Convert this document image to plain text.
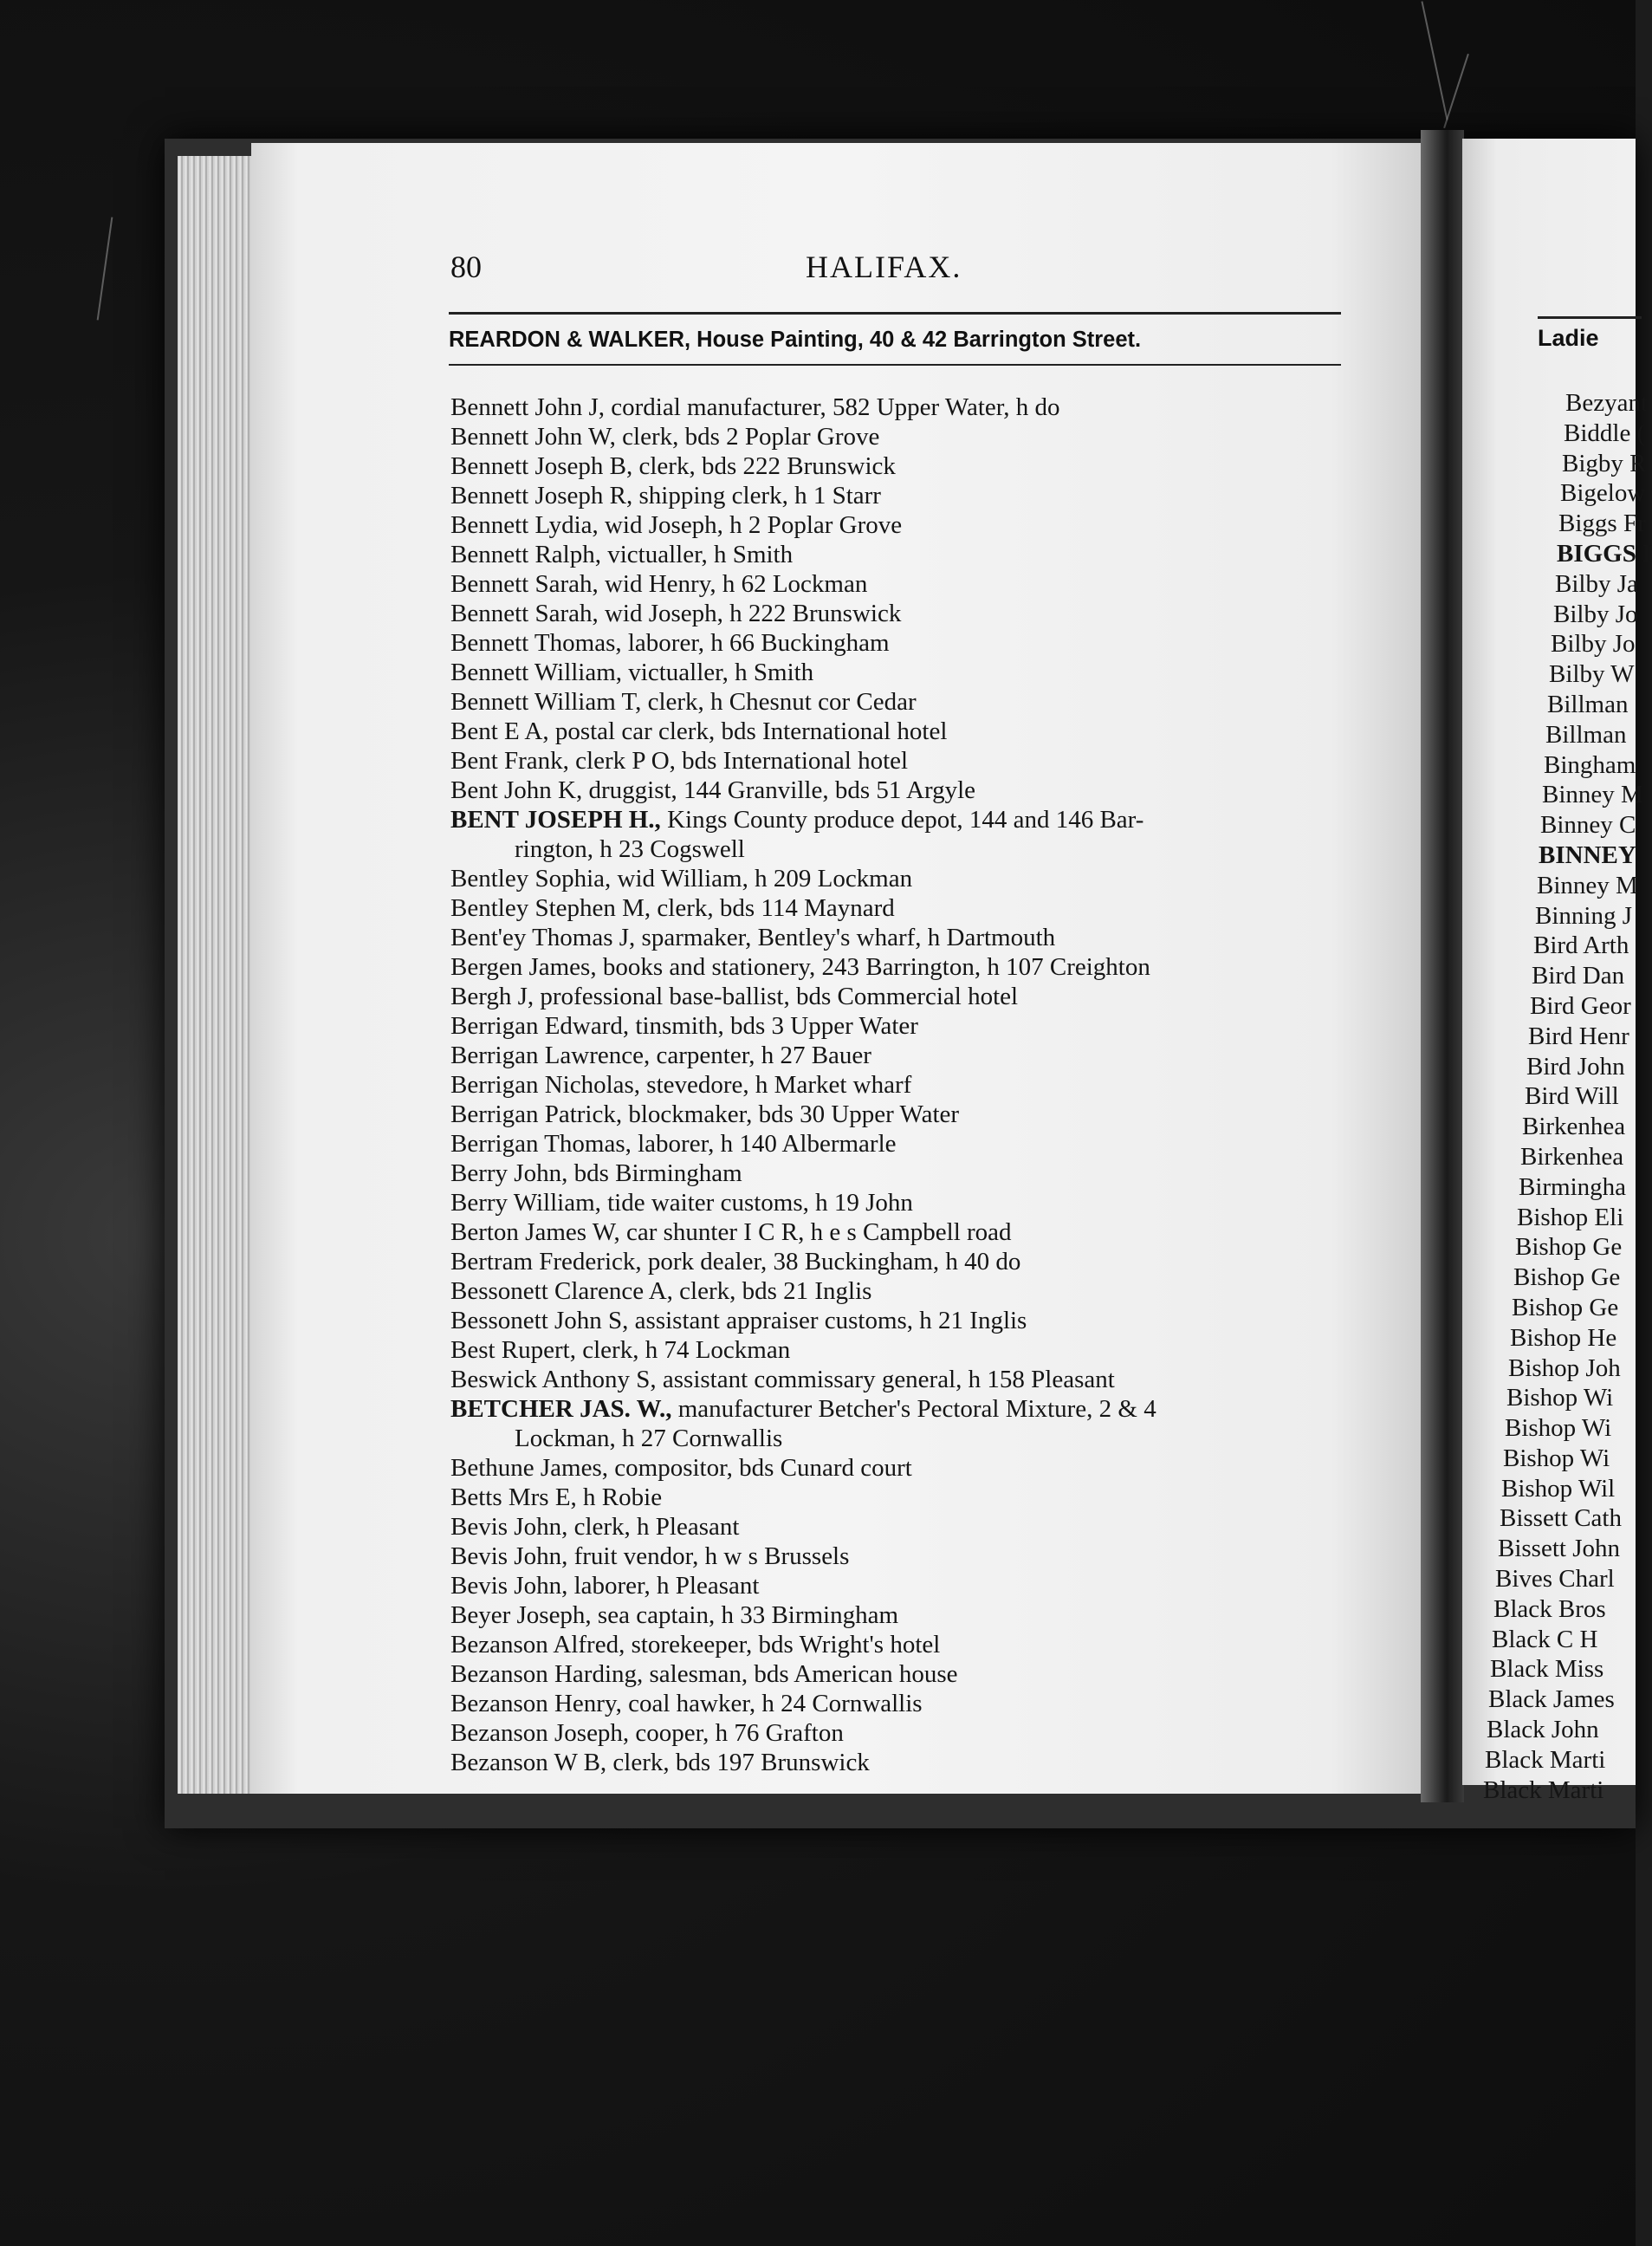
80	HALIFAX.
REARDON & WALKER, House Painting, 40 & 42 Barrington Street.
Bennett John J, cordial manufacturer, 582 Upper Water, h do
Bennett John W, clerk, bds 2 Poplar Grove
Bennett Joseph B, clerk, bds 222 Brunswick
Bennett Joseph R, shipping clerk, h 1 Starr
Bennett Lydia, wid Joseph, h 2 Poplar Grove
Bennett Ralph, victualler, h Smith
Bennett Sarah, wid Henry, h 62 Lockman
Bennett Sarah, wid Joseph, h 222 Brunswick
Bennett Thomas, laborer, h 66 Buckingham
Bennett William, victualler, h Smith
Bennett William T, clerk, h Chesnut cor Cedar
Bent E A, postal car clerk, bds International hotel
Bent Frank, clerk P O, bds International hotel
Bent John K, druggist, 144 Granville, bds 51 Argyle
BENT JOSEPH H., Kings County produce depot, 144 and 146 Bar-
rington, h 23 Cogswell
Bentley Sophia, wid William, h 209 Lockman
Bentley Stephen M, clerk, bds 114 Maynard
Bent'ey Thomas J, sparmaker, Bentley's wharf, h Dartmouth
Bergen James, books and stationery, 243 Barrington, h 107 Creighton
Bergh J, professional base-ballist, bds Commercial hotel
Berrigan Edward, tinsmith, bds 3 Upper Water
Berrigan Lawrence, carpenter, h 27 Bauer
Berrigan Nicholas, stevedore, h Market wharf
Berrigan Patrick, blockmaker, bds 30 Upper Water
Berrigan Thomas, laborer, h 140 Albermarle
Berry John, bds Birmingham
Berry William, tide waiter customs, h 19 John
Berton James W, car shunter I C R, h e s Campbell road
Bertram Frederick, pork dealer, 38 Buckingham, h 40 do
Bessonett Clarence A, clerk, bds 21 Inglis
Bessonett John S, assistant appraiser customs, h 21 Inglis
Best Rupert, clerk, h 74 Lockman
Beswick Anthony S, assistant commissary general, h 158 Pleasant
BETCHER JAS. W., manufacturer Betcher's Pectoral Mixture, 2 & 4
Lockman, h 27 Cornwallis
Bethune James, compositor, bds Cunard court
Betts Mrs E, h Robie
Bevis John, clerk, h Pleasant
Bevis John, fruit vendor, h w s Brussels
Bevis John, laborer, h Pleasant
Beyer Joseph, sea captain, h 33 Birmingham
Bezanson Alfred, storekeeper, bds Wright's hotel
Bezanson Harding, salesman, bds American house
Bezanson Henry, coal hawker, h 24 Cornwallis
Bezanson Joseph, cooper, h 76 Grafton
Bezanson W B, clerk, bds 197 Brunswick
Ladie
Bezyant
Biddle (
Bigby R
Bigelow
Biggs Fr
BIGGS I
Bilby Ja
Bilby Jo
Bilby Jo
Bilby W
Billman
Billman
Bingham
Binney M
Binney C
BINNEY
Binney M
Binning J
Bird Arth
Bird Dan
Bird Geor
Bird Henr
Bird John
Bird Will
Birkenhea
Birkenhea
Birmingha
Bishop Eli
Bishop Ge
Bishop Ge
Bishop Ge
Bishop He
Bishop Joh
Bishop Wi
Bishop Wi
Bishop Wi
Bishop Wil
Bissett Cath
Bissett John
Bives Charl
Black Bros
Black C H
Black Miss
Black James
Black John
Black Marti
Black Marti
